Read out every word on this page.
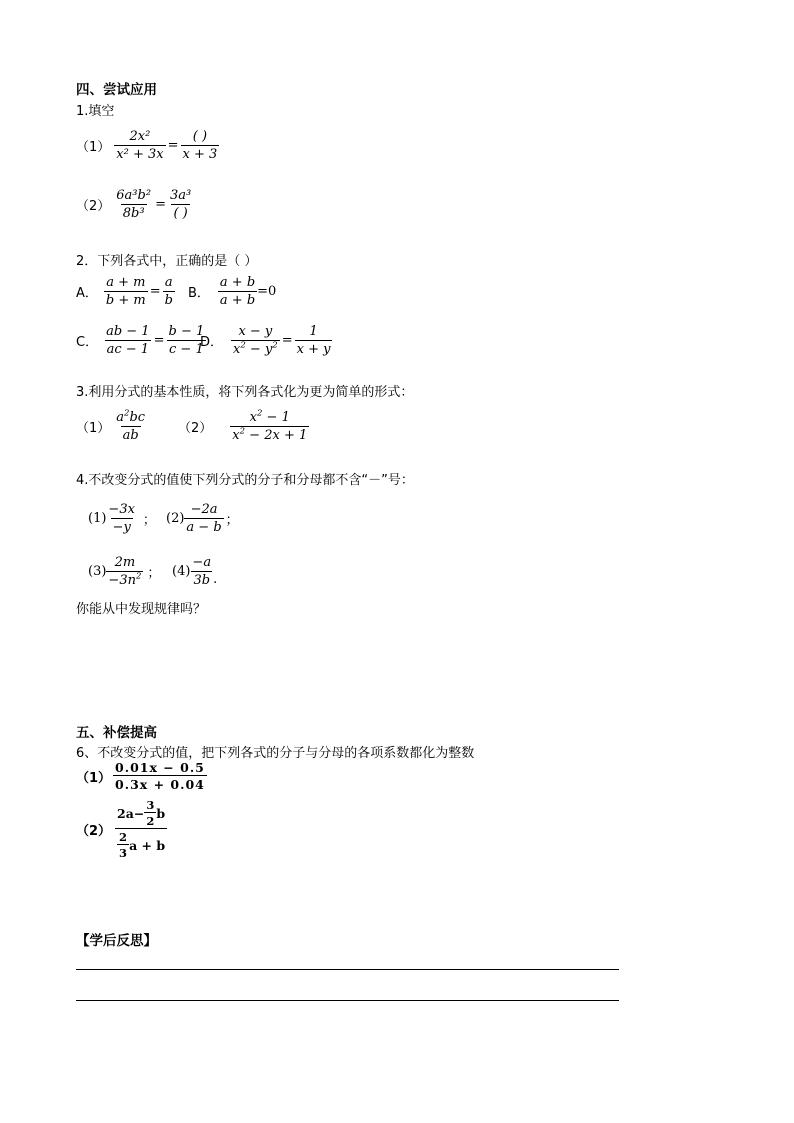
四、尝试应用
1.填空
$(1) \frac{\text{2x²}}{\text{x² + 3x}} = \frac{( )}{x + 3}$
$(2) \frac{\text{6a³b²}}{\text{8b³}} = \frac{\text{3a³}}{( )}$
2．下列各式中，正确的是（ ）
A． $\frac{a + m}{b + m} = \frac{a}{b}$ B． $\frac{a + b}{a + b} =0$
C． $\frac{ab - 1}{ac - 1} = \frac{b - 1}{c - 1}$
D． $\frac{x - y}{x^2 - y^2} = \frac{1}{x + y}$
3.利用分式的基本性质，将下列各式化为更为简单的形式：
$(1) \frac{a^2bc}{ab} (2) \frac{x^2 - 1}{x^2 - 2x + 1}$
4.不改变分式的值使下列分式的分子和分母都不含“－”号：
$(1) \frac{-3x}{-y}$ ； $(2) \frac{-2a}{a - b}$ ；
$(3) \frac{2m}{-3n^2}$ ； $(4) \frac{-a}{3b}$ .
你能从中发现规律吗？
五、补偿提高
6、不改变分式的值，把下列各式的分子与分母的各项系数都化为整数
$(1) \frac{0.01x - 0.5}{0.3x + 0.04}$
$(2) \frac{2a- \frac{3}{2} b}{\frac{2}{3} a + b}$
【学后反思】
